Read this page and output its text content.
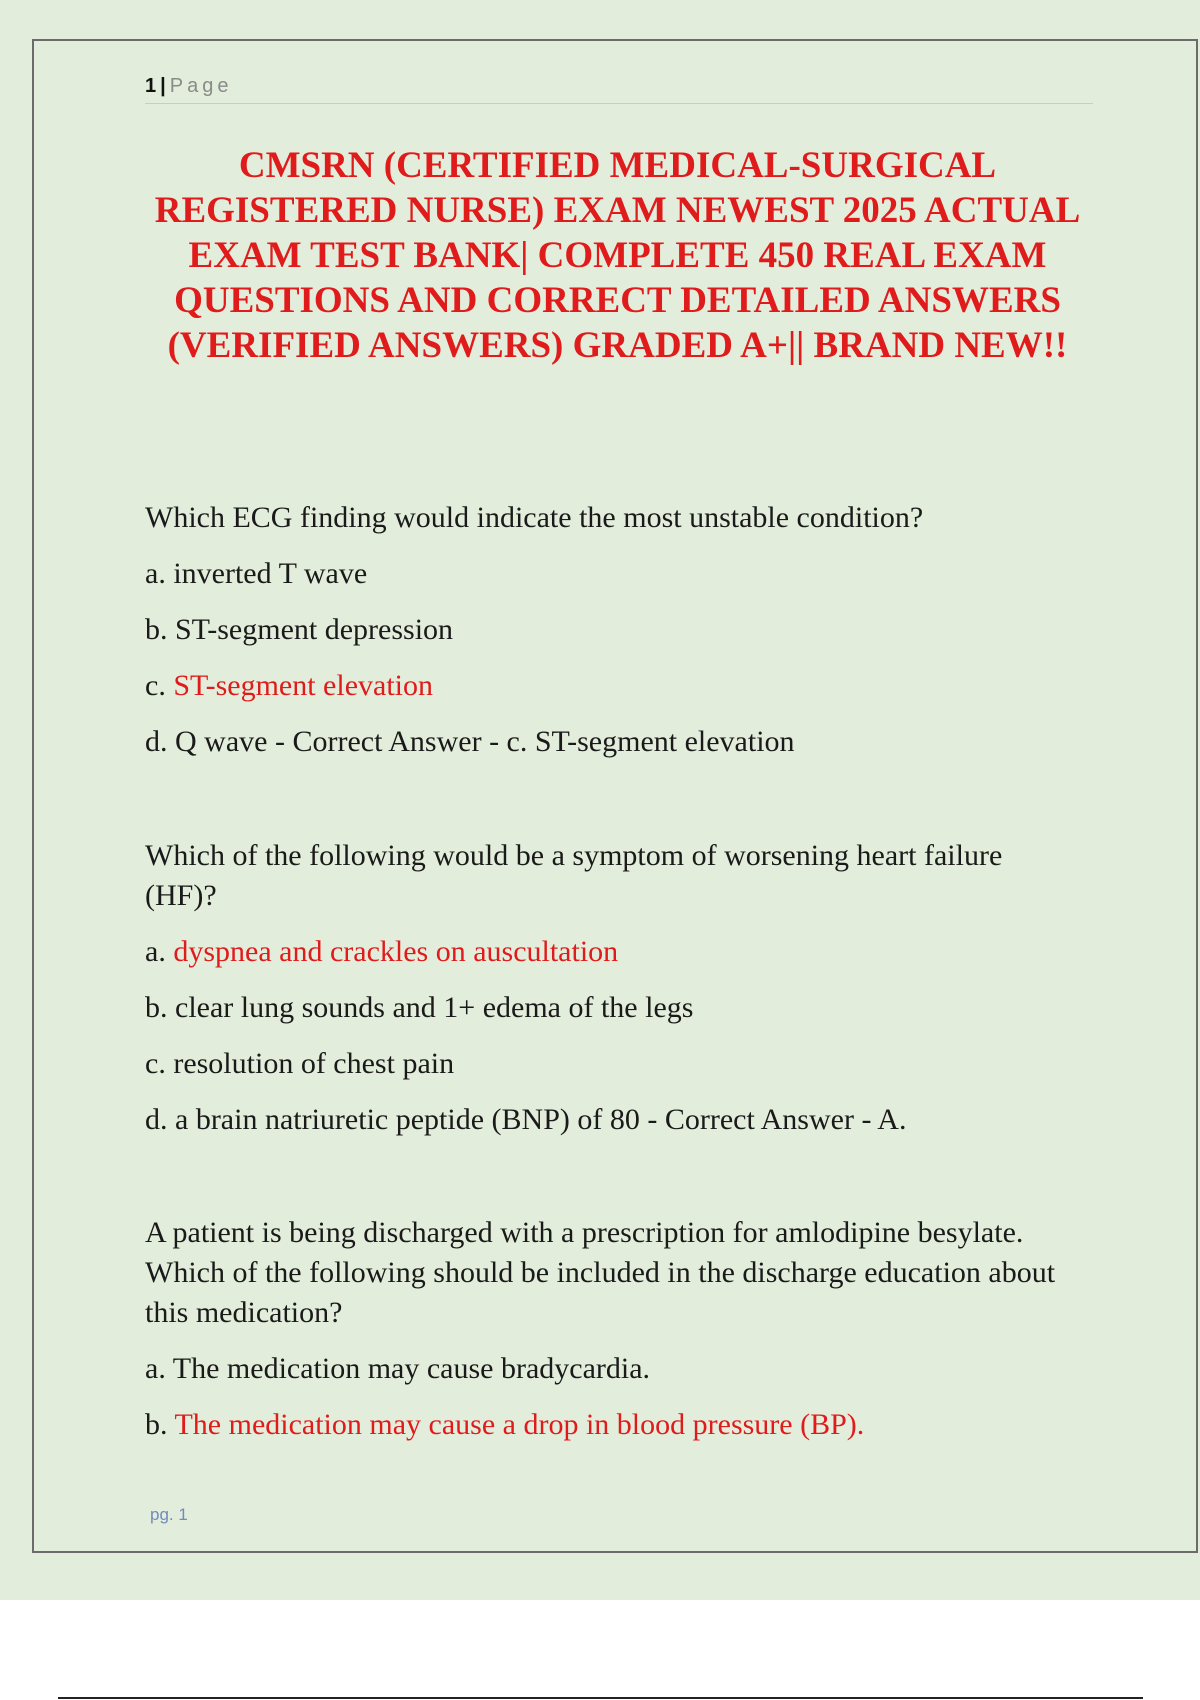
1 | Page
CMSRN (CERTIFIED MEDICAL-SURGICAL REGISTERED NURSE) EXAM NEWEST 2025 ACTUAL EXAM TEST BANK| COMPLETE 450 REAL EXAM QUESTIONS AND CORRECT DETAILED ANSWERS (VERIFIED ANSWERS) GRADED A+|| BRAND NEW!!

Which ECG finding would indicate the most unstable condition?

a. inverted T wave

b. ST-segment depression

c. ST-segment elevation

d. Q wave - Correct Answer - c. ST-segment elevation

Which of the following would be a symptom of worsening heart failure (HF)?

a. dyspnea and crackles on auscultation

b. clear lung sounds and 1+ edema of the legs

c. resolution of chest pain

d. a brain natriuretic peptide (BNP) of 80 - Correct Answer - A.

A patient is being discharged with a prescription for amlodipine besylate. Which of the following should be included in the discharge education about this medication?

a. The medication may cause bradycardia.

b. The medication may cause a drop in blood pressure (BP).

pg. 1
